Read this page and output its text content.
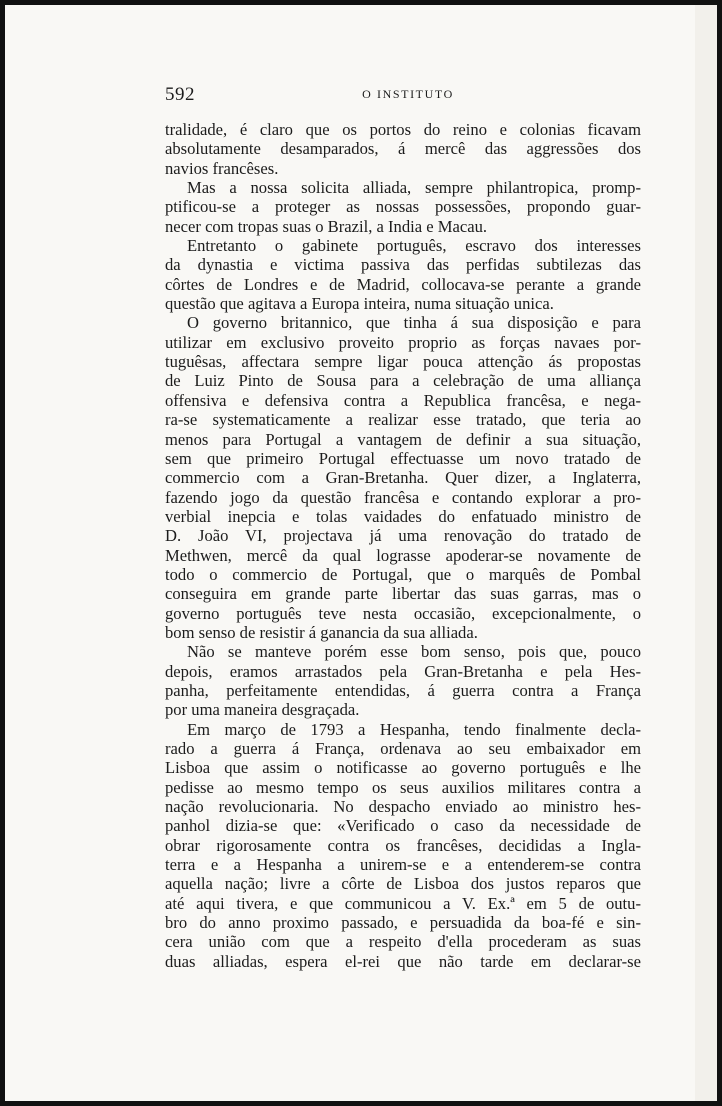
592	O INSTITUTO

tralidade, é claro que os portos do reino e colonias ficavam
absolutamente desamparados, á mercê das aggressões dos
navios francêses.

Mas a nossa solicita alliada, sempre philantropica, promp-
ptificou-se a proteger as nossas possessões, propondo guar-
necer com tropas suas o Brazil, a India e Macau.

Entretanto o gabinete português, escravo dos interesses
da dynastia e victima passiva das perfidas subtilezas das
côrtes de Londres e de Madrid, collocava-se perante a grande
questão que agitava a Europa inteira, numa situação unica.

O governo britannico, que tinha á sua disposição e para
utilizar em exclusivo proveito proprio as forças navaes por-
tuguêsas, affectara sempre ligar pouca attenção ás propostas
de Luiz Pinto de Sousa para a celebração de uma alliança
offensiva e defensiva contra a Republica francêsa, e nega-
ra-se systematicamente a realizar esse tratado, que teria ao
menos para Portugal a vantagem de definir a sua situação,
sem que primeiro Portugal effectuasse um novo tratado de
commercio com a Gran-Bretanha. Quer dizer, a Inglaterra,
fazendo jogo da questão francêsa e contando explorar a pro-
verbial inepcia e tolas vaidades do enfatuado ministro de
D. João VI, projectava já uma renovação do tratado de
Methwen, mercê da qual lograsse apoderar-se novamente de
todo o commercio de Portugal, que o marquês de Pombal
conseguira em grande parte libertar das suas garras, mas o
governo português teve nesta occasião, excepcionalmente, o
bom senso de resistir á ganancia da sua alliada.

Não se manteve porém esse bom senso, pois que, pouco
depois, eramos arrastados pela Gran-Bretanha e pela Hes-
panha, perfeitamente entendidas, á guerra contra a França
por uma maneira desgraçada.

Em março de 1793 a Hespanha, tendo finalmente decla-
rado a guerra á França, ordenava ao seu embaixador em
Lisboa que assim o notificasse ao governo português e lhe
pedisse ao mesmo tempo os seus auxilios militares contra a
nação revolucionaria. No despacho enviado ao ministro hes-
panhol dizia-se que: «Verificado o caso da necessidade de
obrar rigorosamente contra os francêses, decididas a Ingla-
terra e a Hespanha a unirem-se e a entenderem-se contra
aquella nação; livre a côrte de Lisboa dos justos reparos que
até aqui tivera, e que communicou a V. Ex.ª em 5 de outu-
bro do anno proximo passado, e persuadida da boa-fé e sin-
cera união com que a respeito d'ella procederam as suas
duas alliadas, espera el-rei que não tarde em declarar-se
